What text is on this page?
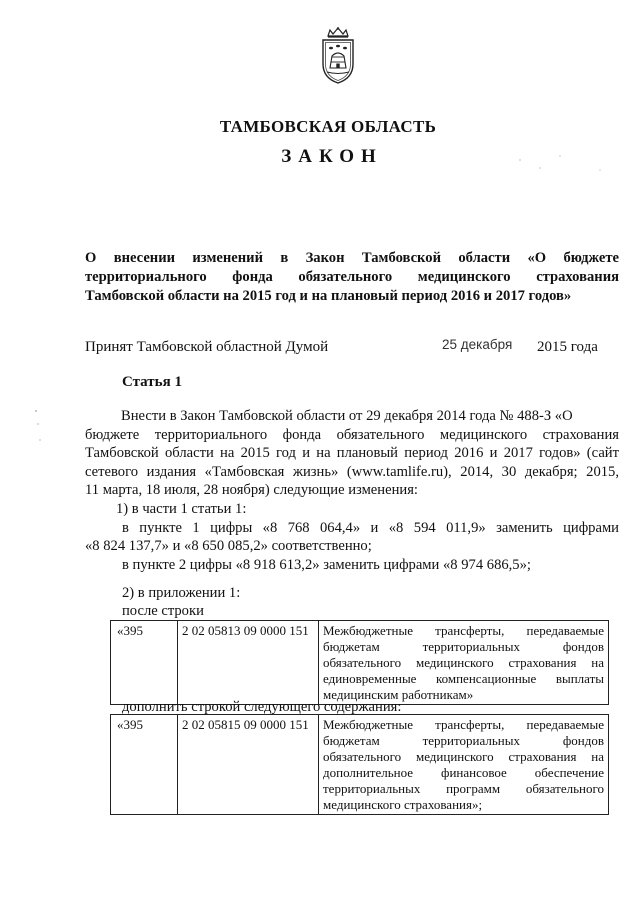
ТАМБОВСКАЯ ОБЛАСТЬ
ЗАКОН
О внесении изменений в Закон Тамбовской области «О бюджете
территориального фонда обязательного медицинского страхования
Тамбовской области на 2015 год и на плановый период 2016 и 2017 годов»
Принят Тамбовской областной Думой	25 декабря 2015 года
Статья 1
Внести в Закон Тамбовской области от 29 декабря 2014 года № 488-З «О
бюджете территориального фонда обязательного медицинского страхования
Тамбовской области на 2015 год и на плановый период 2016 и 2017 годов» (сайт
сетевого издания «Тамбовская жизнь» (www.tamlife.ru), 2014, 30 декабря; 2015,
11 марта, 18 июля, 28 ноября) следующие изменения:
1) в части 1 статьи 1:
в пункте 1 цифры «8 768 064,4» и «8 594 011,9» заменить цифрами
«8 824 137,7» и «8 650 085,2» соответственно;
в пункте 2 цифры «8 918 613,2» заменить цифрами «8 974 686,5»;
2) в приложении 1:
после строки
«395	2 02 05813 09 0000 151	Межбюджетные трансферты, передаваемые бюджетам территориальных фондов обязательного медицинского страхования на единовременные компенсационные выплаты медицинским работникам»
дополнить строкой следующего содержания:
«395	2 02 05815 09 0000 151	Межбюджетные трансферты, передаваемые бюджетам территориальных фондов обязательного медицинского страхования на дополнительное финансовое обеспечение территориальных программ обязательного медицинского страхования»;
